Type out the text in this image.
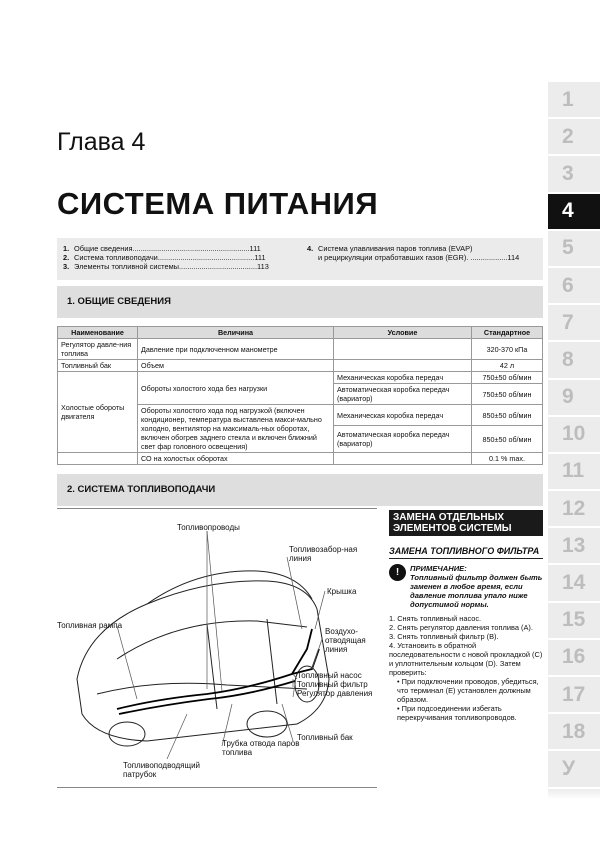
1
2
3
4
5
6
7
8
9
10
11
12
13
14
15
16
17
18
У
Глава 4
СИСТЕМА ПИТАНИЯ
1. Общие сведения.........................................................111
2. Система топливоподачи...............................................111
3. Элементы топливной системы......................................113
4. Система улавливания паров топлива (EVAP)
и рециркуляции отработавших газов (EGR). ..................114
1. ОБЩИЕ СВЕДЕНИЯ
Наименование	Величина	Условие	Стандартное
Регулятор давле-ния топлива	Давление при подключенном манометре		320-370 кПа
Топливный бак	Объем		42 л
Холостые обороты двигателя	Обороты холостого хода без нагрузки	Механическая коробка передач	750±50 об/мин
		Автоматическая коробка передач (вариатор)	750±50 об/мин
	Обороты холостого хода под нагрузкой (включен кондиционер, температура выставлена макси-мально холодно, вентилятор на максималь-ных оборотах, включен обогрев заднего стекла и включен ближний свет фар головного освещения)	Механическая коробка передач	850±50 об/мин
		Автоматическая коробка передач (вариатор)	850±50 об/мин
	СО на холостых оборотах		0.1 % max.
2. СИСТЕМА ТОПЛИВОПОДАЧИ
Топливопроводы
Топливозабор-ная линия
Крышка
Топливная рампа
Воздухо-отводящая линия
Топливный насос
Топливный фильтр
Регулятор давления
Топливный бак
Трубка отвода паров топлива
Топливоподводящий патрубок
ЗАМЕНА ОТДЕЛЬНЫХ ЭЛЕМЕНТОВ СИСТЕМЫ
ЗАМЕНА ТОПЛИВНОГО ФИЛЬТРА
!	ПРИМЕЧАНИЕ:
Топливный фильтр должен быть заменен в любое время, если давление топлива упало ниже допустимой нормы.
1. Снять топливный насос.
2. Снять регулятор давления топлива (А).
3. Снять топливный фильтр (В).
4. Установить в обратной последовательности с новой прокладкой (С) и уплотнительным кольцом (D). Затем проверить:
• При подключении проводов, убедиться, что терминал (Е) установлен должным образом.
• При подсоединении избегать перекручивания топливопроводов.
